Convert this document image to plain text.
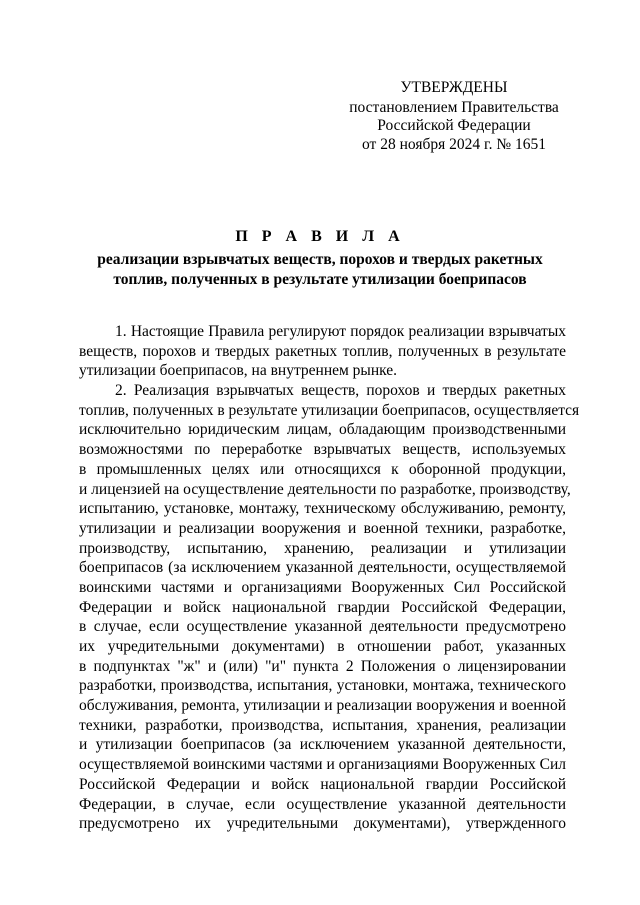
УТВЕРЖДЕНЫ
постановлением Правительства
Российской Федерации
от 28 ноября 2024 г. № 1651
П Р А В И Л А
реализации взрывчатых веществ, порохов и твердых ракетных
топлив, полученных в результате утилизации боеприпасов
1. Настоящие Правила регулируют порядок реализации взрывчатых
веществ, порохов и твердых ракетных топлив, полученных в результате
утилизации боеприпасов, на внутреннем рынке.
2. Реализация взрывчатых веществ, порохов и твердых ракетных
топлив, полученных в результате утилизации боеприпасов, осуществляется
исключительно юридическим лицам, обладающим производственными
возможностями по переработке взрывчатых веществ, используемых
в промышленных целях или относящихся к оборонной продукции,
и лицензией на осуществление деятельности по разработке, производству,
испытанию, установке, монтажу, техническому обслуживанию, ремонту,
утилизации и реализации вооружения и военной техники, разработке,
производству, испытанию, хранению, реализации и утилизации
боеприпасов (за исключением указанной деятельности, осуществляемой
воинскими частями и организациями Вооруженных Сил Российской
Федерации и войск национальной гвардии Российской Федерации,
в случае, если осуществление указанной деятельности предусмотрено
их учредительными документами) в отношении работ, указанных
в подпунктах "ж" и (или) "и" пункта 2 Положения о лицензировании
разработки, производства, испытания, установки, монтажа, технического
обслуживания, ремонта, утилизации и реализации вооружения и военной
техники, разработки, производства, испытания, хранения, реализации
и утилизации боеприпасов (за исключением указанной деятельности,
осуществляемой воинскими частями и организациями Вооруженных Сил
Российской Федерации и войск национальной гвардии Российской
Федерации, в случае, если осуществление указанной деятельности
предусмотрено их учредительными документами), утвержденного
